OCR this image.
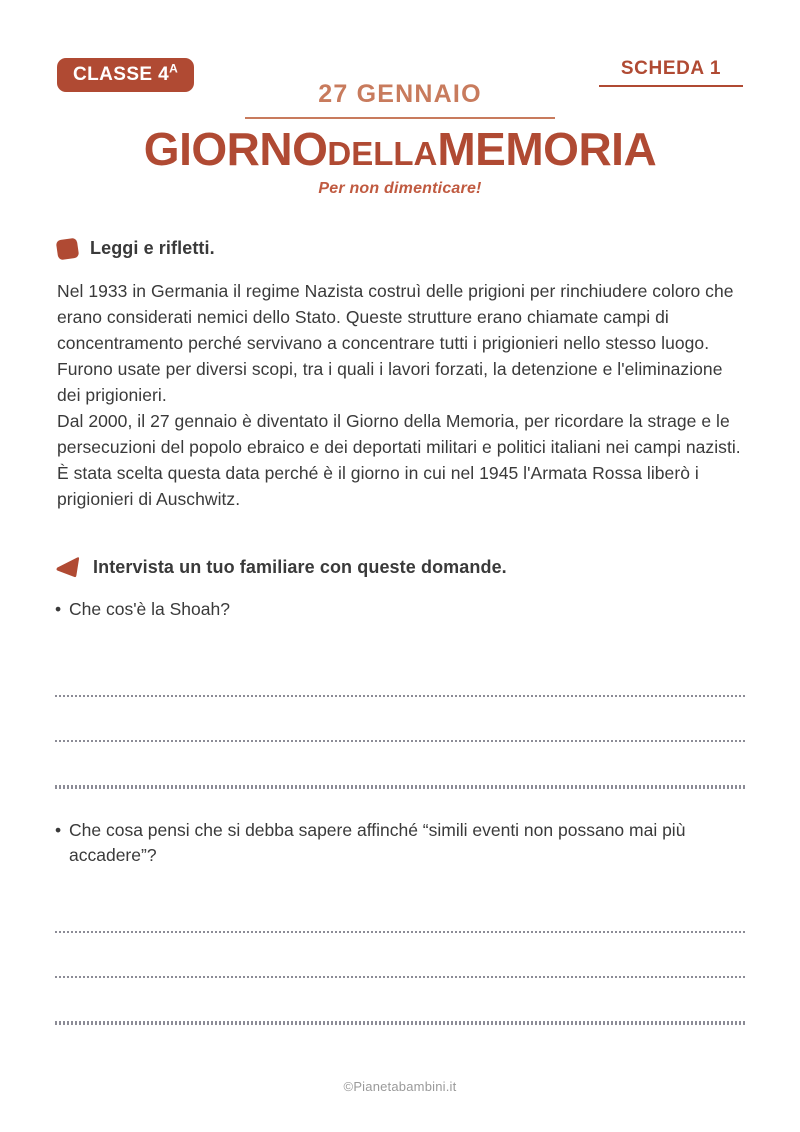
CLASSE $4^A$	SCHEDA 1
27 GENNAIO
GIORNODELLAMEMORIA
Per non dimenticare!
Leggi e rifletti.

Nel 1933 in Germania il regime Nazista costruì delle prigioni per rinchiudere coloro che erano considerati nemici dello Stato. Queste strutture erano chiamate campi di concentramento perché servivano a concentrare tutti i prigionieri nello stesso luogo. Furono usate per diversi scopi, tra i quali i lavori forzati, la detenzione e l'eliminazione dei prigionieri.

Dal 2000, il 27 gennaio è diventato il Giorno della Memoria, per ricordare la strage e le persecuzioni del popolo ebraico e dei deportati militari e politici italiani nei campi nazisti. È stata scelta questa data perché è il giorno in cui nel 1945 l'Armata Rossa liberò i prigionieri di Auschwitz.

Intervista un tuo familiare con queste domande.
• Che cos'è la Shoah?
• Che cosa pensi che si debba sapere affinché “simili eventi non possano mai più accadere”?
©Pianetabambini.it
